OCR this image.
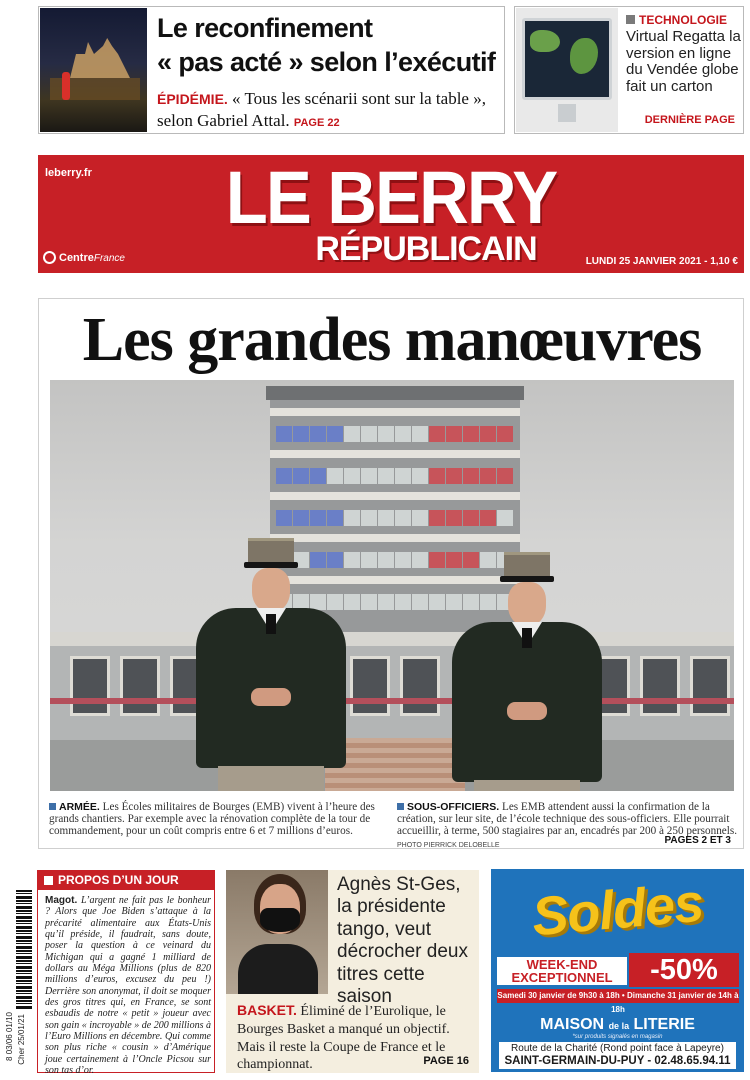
Le reconfinement
« pas acté » selon l’exécutif
ÉPIDÉMIE. « Tous les scénarii sont sur la table », selon Gabriel Attal. PAGE 22
TECHNOLOGIE
Virtual Regatta la version en ligne du Vendée globe fait un carton
DERNIÈRE PAGE
leberry.fr	LE BERRY
RÉPUBLICAIN
CentreFrance	LUNDI 25 JANVIER 2021 - 1,10 €
Les grandes manœuvres
ARMÉE. Les Écoles militaires de Bourges (EMB) vivent à l’heure des grands chantiers. Par exemple avec la rénovation complète de la tour de commandement, pour un coût compris entre 6 et 7 millions d’euros.
SOUS-OFFICIERS. Les EMB attendent aussi la confirmation de la création, sur leur site, de l’école technique des sous-officiers. Elle pourrait accueillir, à terme, 500 stagiaires par an, encadrés par 200 à 250 personnels. PHOTO PIERRICK DELOBELLE	PAGES 2 ET 3
8 03/06 01/10 Cher 25/01/21
PROPOS D’UN JOUR
Magot. L’argent ne fait pas le bonheur ? Alors que Joe Biden s’attaque à la précarité alimentaire aux États-Unis qu’il préside, il faudrait, sans doute, poser la question à ce veinard du Michigan qui a gagné 1 milliard de dollars au Méga Millions (plus de 820 millions d’euros, excusez du peu !) Derrière son anonymat, il doit se moquer des gros titres qui, en France, se sont esbaudis de notre « petit » joueur avec son gain « incroyable » de 200 millions à l’Euro Millions en décembre. Qui comme son plus riche « cousin » d’Amérique joue certainement à l’Oncle Picsou sur son tas d’or.
Agnès St-Ges, la présidente tango, veut décrocher deux titres cette saison
BASKET. Éliminé de l’Eurolique, le Bourges Basket a manqué un objectif. Mais il reste la Coupe de France et le championnat.	PAGE 16
Soldes
WEEK-END
EXCEPTIONNEL	-50%
Samedi 30 janvier de 9h30 à 18h • Dimanche 31 janvier de 14h à 18h
MAISON de la LITERIE
*sur produits signalés en magasin
Route de la Charité (Rond point face à Lapeyre)
SAINT-GERMAIN-DU-PUY - 02.48.65.94.11
